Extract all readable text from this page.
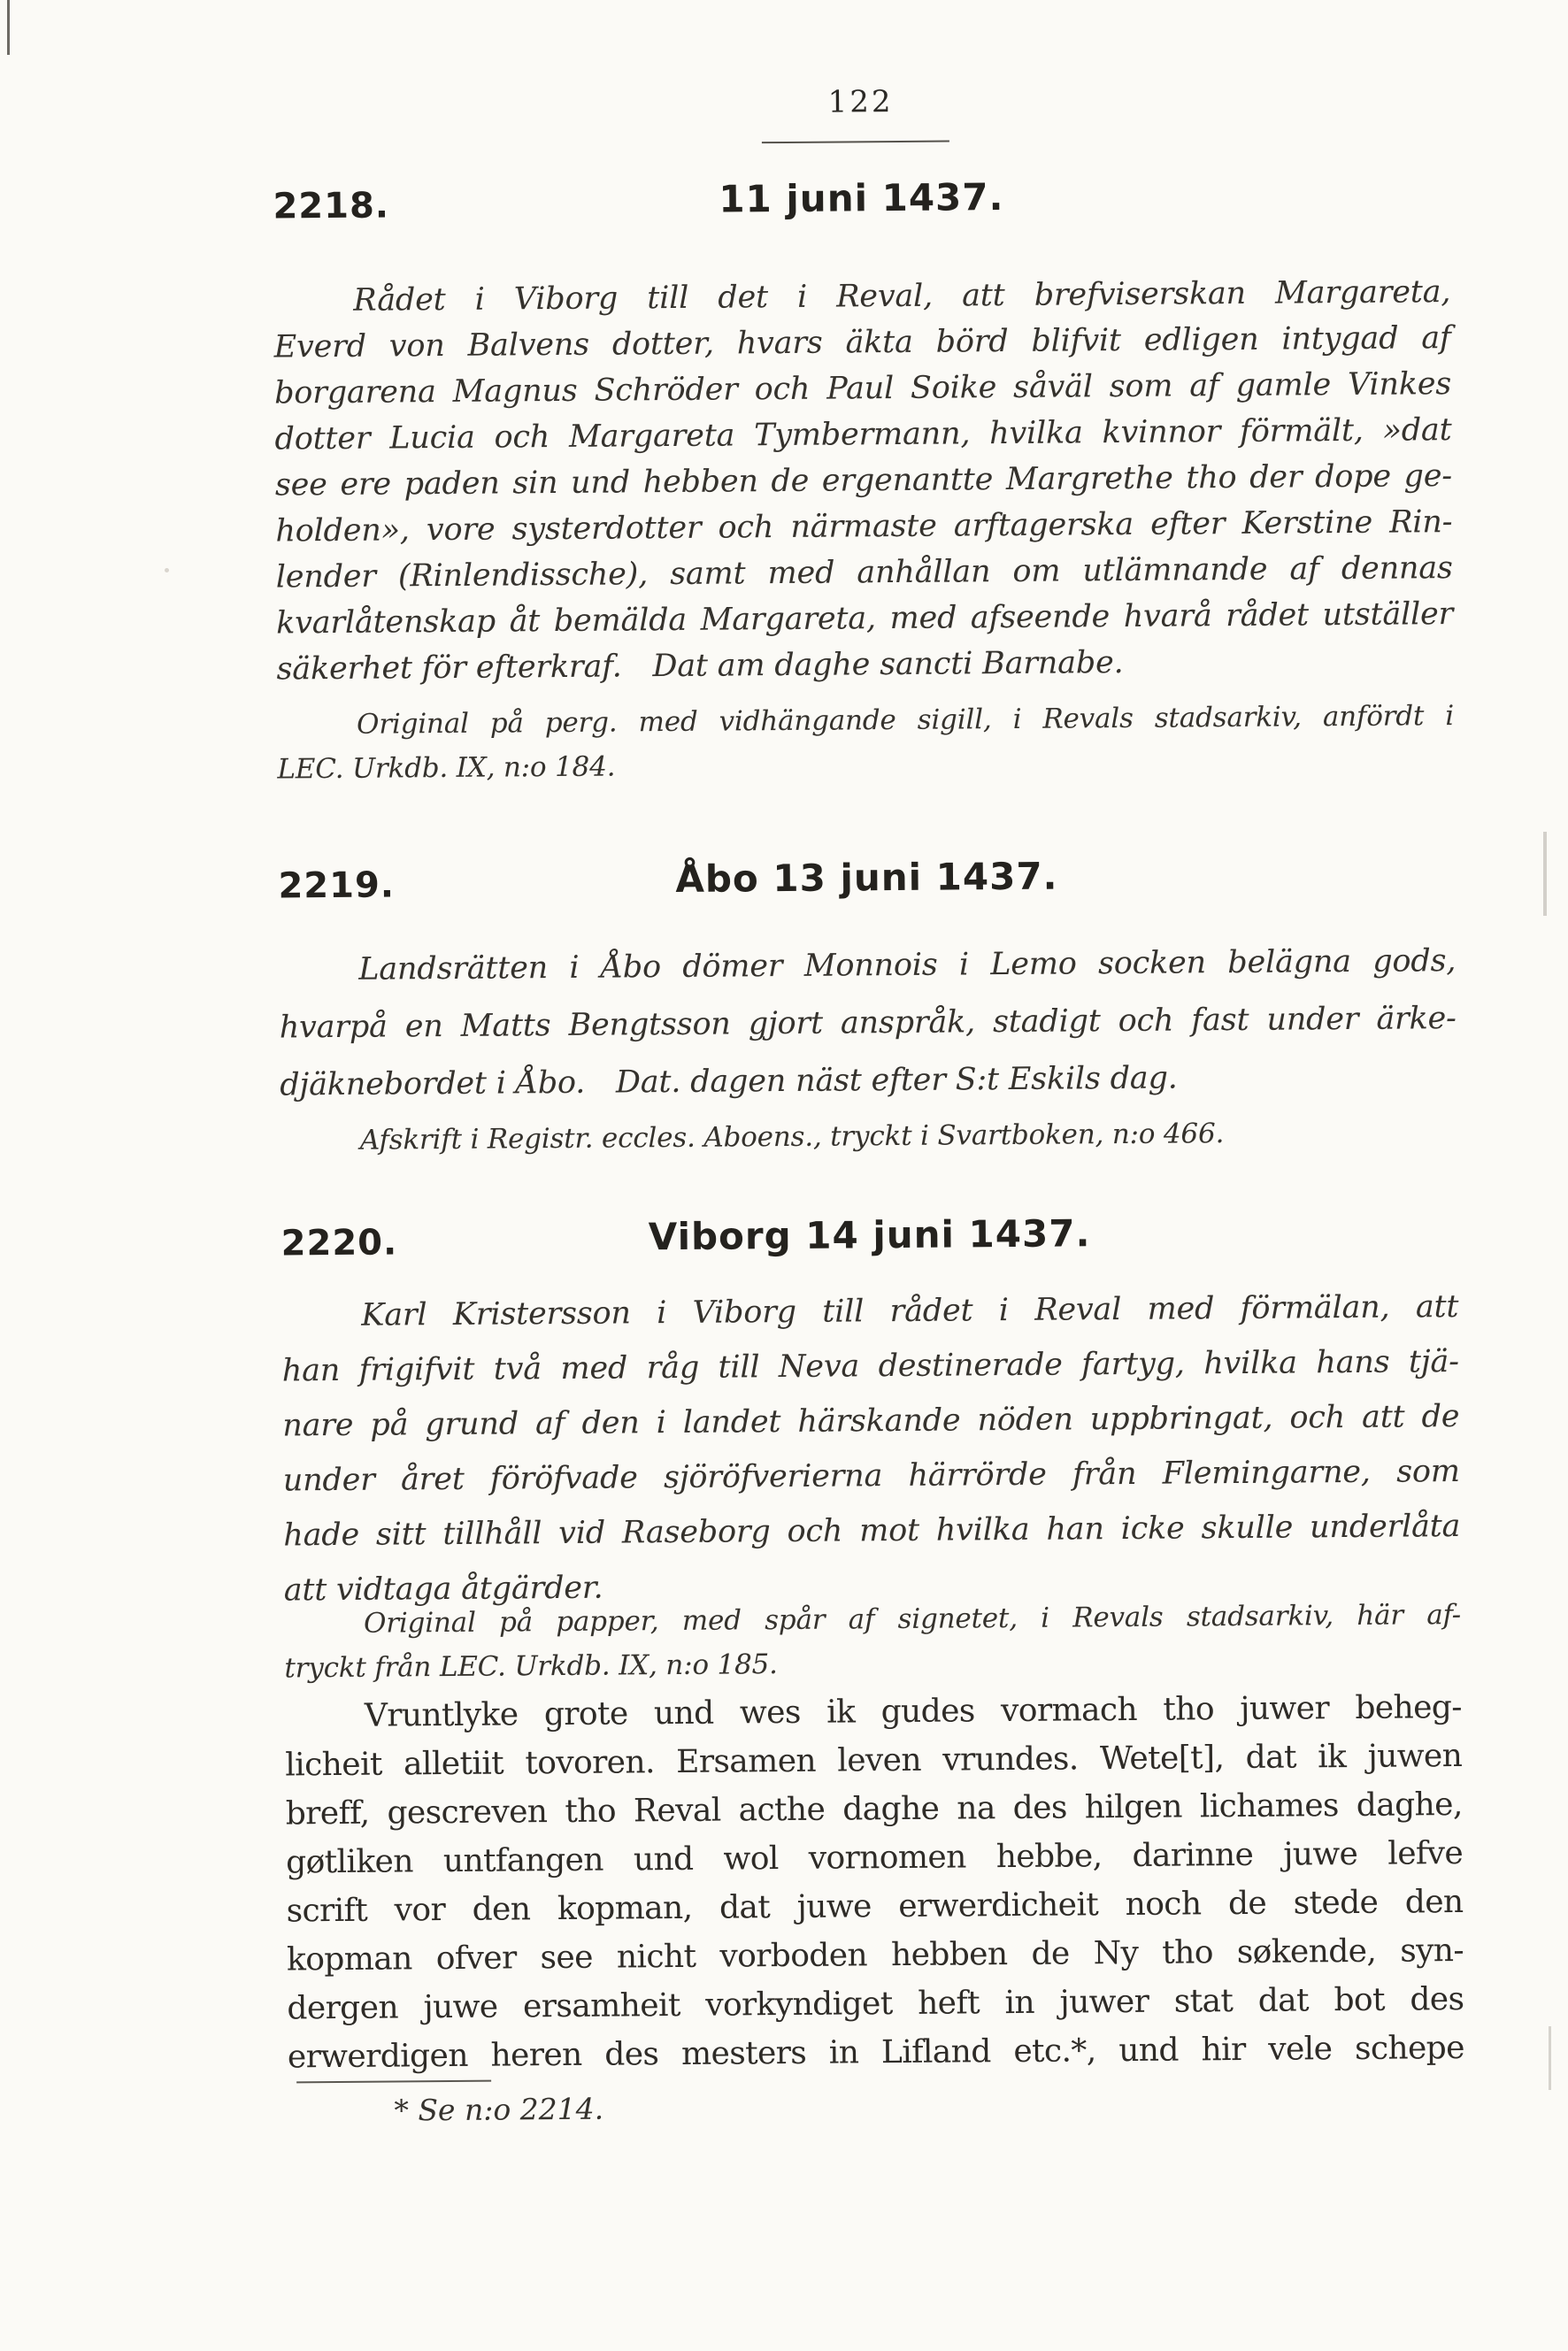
122
2218.	11 juni 1437.
Rådet i Viborg till det i Reval, att brefviserskan Margareta,
Everd von Balvens dotter, hvars äkta börd blifvit edligen intygad af
borgarena Magnus Schröder och Paul Soike såväl som af gamle Vinkes
dotter Lucia och Margareta Tymbermann, hvilka kvinnor förmält, »dat
see ere paden sin und hebben de ergenantte Margrethe tho der dope ge-
holden», vore systerdotter och närmaste arftagerska efter Kerstine Rin-
lender (Rinlendissche), samt med anhållan om utlämnande af dennas
kvarlåtenskap åt bemälda Margareta, med afseende hvarå rådet utställer
säkerhet för efterkraf. Dat am daghe sancti Barnabe.
Original på perg. med vidhängande sigill, i Revals stadsarkiv, anfördt i
LEC. Urkdb. IX, n:o 184.
2219.	Åbo 13 juni 1437.
Landsrätten i Åbo dömer Monnois i Lemo socken belägna gods,
hvarpå en Matts Bengtsson gjort anspråk, stadigt och fast under ärke-
djäknebordet i Åbo. Dat. dagen näst efter S:t Eskils dag.
Afskrift i Registr. eccles. Aboens., tryckt i Svartboken, n:o 466.
2220.	Viborg 14 juni 1437.
Karl Kristersson i Viborg till rådet i Reval med förmälan, att
han frigifvit två med råg till Neva destinerade fartyg, hvilka hans tjä-
nare på grund af den i landet härskande nöden uppbringat, och att de
under året föröfvade sjöröfverierna härrörde från Flemingarne, som
hade sitt tillhåll vid Raseborg och mot hvilka han icke skulle underlåta
att vidtaga åtgärder.
Original på papper, med spår af signetet, i Revals stadsarkiv, här af-
tryckt från LEC. Urkdb. IX, n:o 185.
Vruntlyke grote und wes ik gudes vormach tho juwer beheg-
licheit alletiit tovoren. Ersamen leven vrundes. Wete[t], dat ik juwen
breff, gescreven tho Reval acthe daghe na des hilgen lichames daghe,
gøtliken untfangen und wol vornomen hebbe, darinne juwe lefve
scrift vor den kopman, dat juwe erwerdicheit noch de stede den
kopman ofver see nicht vorboden hebben de Ny tho søkende, syn-
dergen juwe ersamheit vorkyndiget heft in juwer stat dat bot des
erwerdigen heren des mesters in Lifland etc.*, und hir vele schepe
* Se n:o 2214.
